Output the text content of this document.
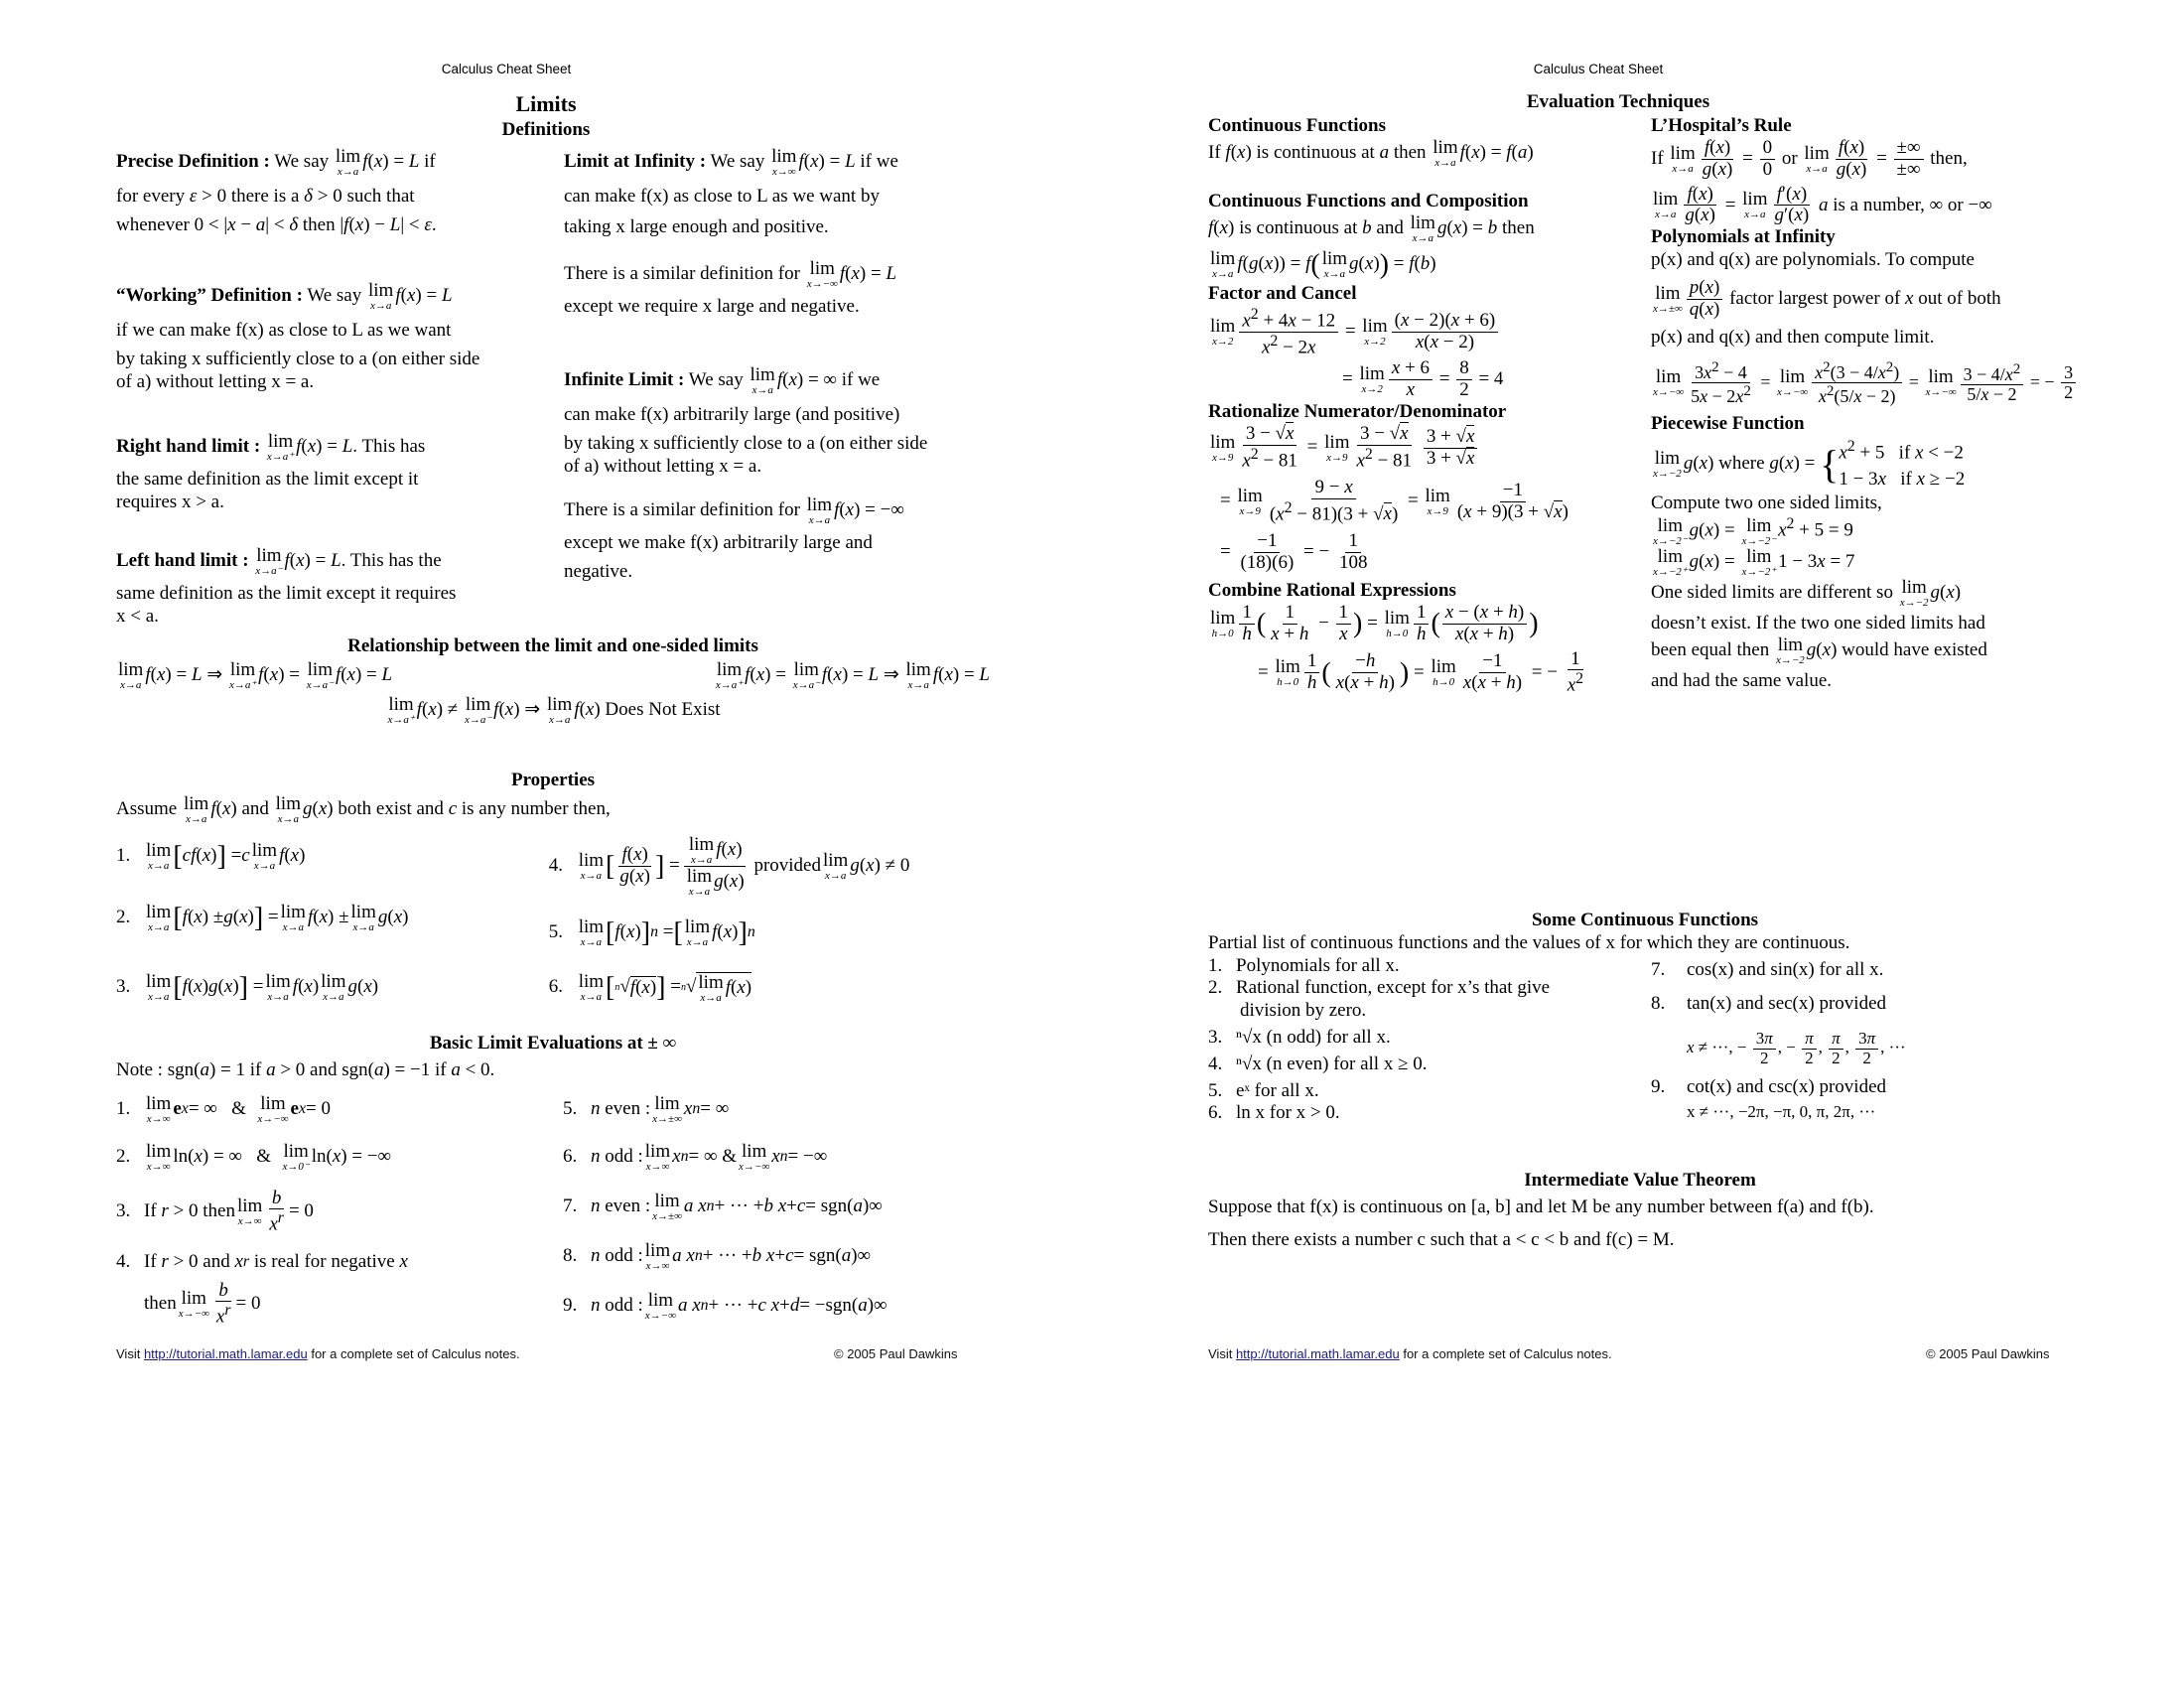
Calculus Cheat Sheet
Limits
Definitions

Precise Definition : We say lim
x→a
f(x) = L if

for every ε > 0 there is a δ > 0 such that

whenever 0 < |x − a| < δ then |f(x) − L| < ε.

“Working” Definition : We say lim
x→a
f(x) = L

if we can make f(x) as close to L as we want

by taking x sufficiently close to a (on either side

of a) without letting x = a.

Right hand limit : lim
x→a⁺
f(x) = L. This has

the same definition as the limit except it

requires x > a.

Left hand limit : lim
x→a⁻
f(x) = L. This has the

same definition as the limit except it requires

x < a.

Limit at Infinity : We say lim
x→∞
f(x) = L if we

can make f(x) as close to L as we want by

taking x large enough and positive.

There is a similar definition for lim
x→−∞
f(x) = L

except we require x large and negative.

Infinite Limit : We say lim
x→a
f(x) = ∞ if we

can make f(x) arbitrarily large (and positive)

by taking x sufficiently close to a (on either side

of a) without letting x = a.

There is a similar definition for lim
x→a
f(x) = −∞

except we make f(x) arbitrarily large and

negative.

Relationship between the limit and one-sided limits

lim
x→a
f(x) = L ⇒ lim
x→a⁺
f(x) = lim
x→a⁻
f(x) = L	lim
x→a⁺
f(x) = lim
x→a⁻
f(x) = L ⇒ lim
x→a
f(x) = L

lim
x→a⁺
f(x) ≠ lim
x→a⁻
f(x) ⇒ lim
x→a
f(x) Does Not Exist

Properties

Assume lim
x→a
f(x) and lim
x→a
g(x) both exist and c is any number then,

1. lim
x→a [ cf ( x ) ] = c lim
x→a f ( x )
2. lim
x→a [ f ( x ) ± g ( x ) ] = lim
x→a f ( x ) ± lim
x→a g ( x )
3. lim
x→a [ f ( x ) g ( x ) ] = lim
x→a f ( x ) lim
x→a g ( x )
4. lim
x→a [ $\frac{f(x)}{g(x)}$ ] = lim
x→a
f(x)
lim
x→a
g(x) provided lim
x→a g ( x ) ≠ 0
5. lim
x→a [ f ( x ) ] n = [ lim
x→a f ( x ) ] n
6. lim
x→a [ n √ f(x) ] = n √ lim
x→a
f(x)

Basic Limit Evaluations at ± ∞

Note : sgn(a) = 1 if a > 0 and sgn(a) = −1 if a < 0.

1. lim
x→∞ e x = ∞   & lim
x→−∞ e x = 0
2. lim
x→∞ ln( x ) = ∞   & lim
x→0⁻ ln( x ) = −∞
3. If r > 0 then lim
$x\to\infty \frac{b}{x^r} = 0$
4. If r > 0 and x r is real for negative x
then lim
$x\to-\infty \frac{b}{x^r} = 0$
5. n even : lim
x→±∞ x n = ∞
6. n odd : lim
x→∞ x n = ∞ & lim
x→−∞ x n = −∞
7. n even : lim
x→±∞ a x n + ··· + b x + c = sgn( a )∞
8. n odd : lim
x→∞ a x n + ··· + b x + c = sgn( a )∞
9. n odd : lim
x→−∞ a x n + ··· + c x + d = −sgn( a )∞
Visit http://tutorial.math.lamar.edu for a complete set of Calculus notes.	© 2005 Paul Dawkins
Calculus Cheat Sheet
Evaluation Techniques

Continuous Functions

If f(x) is continuous at a then lim
x→a
f(x) = f(a)

Continuous Functions and Composition

f(x) is continuous at b and lim
x→a
g(x) = b then

lim
x→a
f(g(x)) = f( lim
x→a
g(x)) = f(b)

Factor and Cancel

lim
$x\to 2 \frac{x^2 + 4x - 12}{x^2 - 2x} = \lim$
$x\to 2 \frac{(x - 2)(x + 6)}{x(x - 2)}$

= lim
$x\to 2 \frac{x + 6}{x} = \frac{8}{2} = 4$

Rationalize Numerator/Denominator

lim
$x\to 9 \frac{3 - √x}{x^2 - 81} = \lim$
$x\to 9 \frac{3 - √x}{x^2 - 81}$
$\frac{3 + √x}{3 + √x}$

= lim
$x\to 9 \frac{9 - x}{(x^2 - 81)(3 + √x)} = \lim$
$x\to 9 \frac{-1}{(x + 9)(3 + √x)}$

= $\frac{-1}{(18)(6)}$ = − $\frac{1}{108}$

Combine Rational Expressions

lim
$h\to 0 \frac{1}{h}$ ( $\frac{1}{x + h} - \frac{1}{x}$ ) = lim
$h\to 0 \frac{1}{h}$ ( $\frac{x - (x + h)}{x(x + h)}$ )

= lim
$h\to 0 \frac{1}{h}$ ( $\frac{-h}{x(x + h)}$ ) = lim
$h\to 0 \frac{-1}{x(x + h)}$ = − $\frac{1}{x^2}$

L’Hospital’s Rule

If lim
$x\to a \frac{f(x)}{g(x)} = \frac{0}{0}$ or lim
$x\to a \frac{f(x)}{g(x)} = \frac{\pm\infty}{\pm\infty}$ then,

lim
$x\to a \frac{f(x)}{g(x)} = \lim$
$x\to a \frac{f'(x)}{g'(x)}$ a is a number, ∞ or −∞

Polynomials at Infinity

p(x) and q(x) are polynomials. To compute

lim
$x\to\pm\infty \frac{p(x)}{q(x)}$ factor largest power of x out of both

p(x) and q(x) and then compute limit.

lim
$x\to-\infty \frac{3x^2 - 4}{5x - 2x^2} = \lim$
$x\to-\infty \frac{x^2(3 - 4/x^2)}{x^2(5/x - 2)} = \lim$
$x\to-\infty \frac{3 - 4/x^2}{5/x - 2}$ = − $\frac{3}{2}$

Piecewise Function

lim
x→−2
g(x) where g(x) = { $x^2 + 5$   if x < −2
1 − 3x   if x ≥ −2

Compute two one sided limits,

lim
x→−2⁻
g(x) = lim
x→−2⁻
$x^2 + 5 = 9$

lim
x→−2⁺
g(x) = lim
x→−2⁺
1 − 3x = 7

One sided limits are different so lim
x→−2
g(x)

doesn’t exist. If the two one sided limits had

been equal then lim
x→−2
g(x) would have existed

and had the same value.

Some Continuous Functions

Partial list of continuous functions and the values of x for which they are continuous.

1. Polynomials for all x.
2. Rational function, except for x’s that give
division by zero.
3. ⁿ√x (n odd) for all x.
4. ⁿ√x (n even) for all x ≥ 0.
5. eˣ for all x.
6. ln x for x > 0.
7. cos(x) and sin(x) for all x.
8. tan(x) and sec(x) provided
x ≠ ···, − $\frac{3\pi}{2}$ , − $\frac{\pi}{2}$ , $\frac{\pi}{2}$ , $\frac{3\pi}{2}$ , ···
9. cot(x) and csc(x) provided
x ≠ ···, −2π, −π, 0, π, 2π, ···

Intermediate Value Theorem

Suppose that f(x) is continuous on [a, b] and let M be any number between f(a) and f(b).

Then there exists a number c such that a < c < b and f(c) = M.

Visit http://tutorial.math.lamar.edu for a complete set of Calculus notes.	© 2005 Paul Dawkins
